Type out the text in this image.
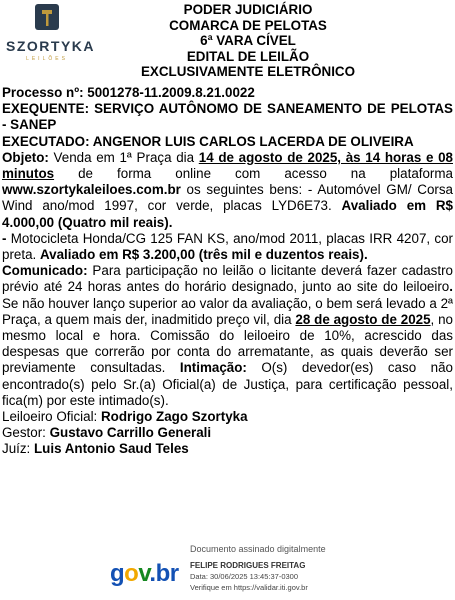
SZORTYKA
LEILÕES
PODER JUDICIÁRIO
COMARCA DE PELOTAS
6ª VARA CÍVEL
EDITAL DE LEILÃO
EXCLUSIVAMENTE ELETRÔNICO

Processo nº: 5001278-11.2009.8.21.0022

EXEQUENTE: SERVIÇO AUTÔNOMO DE SANEAMENTO DE PELOTAS - SANEP

EXECUTADO: ANGENOR LUIS CARLOS LACERDA DE OLIVEIRA

Objeto: Venda em 1ª Praça dia 14 de agosto de 2025, às 14 horas e 08 minutos de forma online com acesso na plataforma www.szortykaleiloes.com.br os seguintes bens: - Automóvel GM/ Corsa Wind ano/mod 1997, cor verde, placas LYD6E73. Avaliado em R$ 4.000,00 (Quatro mil reais).

- Motocicleta Honda/CG 125 FAN KS, ano/mod 2011, placas IRR 4207, cor preta. Avaliado em R$ 3.200,00 (três mil e duzentos reais).

Comunicado: Para participação no leilão o licitante deverá fazer cadastro prévio até 24 horas antes do horário designado, junto ao site do leiloeiro. Se não houver lanço superior ao valor da avaliação, o bem será levado a 2ª Praça, a quem mais der, inadmitido preço vil, dia 28 de agosto de 2025, no mesmo local e hora. Comissão do leiloeiro de 10%, acrescido das despesas que correrão por conta do arrematante, as quais deverão ser previamente consultadas. Intimação: O(s) devedor(es) caso não encontrado(s) pelo Sr.(a) Oficial(a) de Justiça, para certificação pessoal, fica(m) por este intimado(s).

Leiloeiro Oficial: Rodrigo Zago Szortyka

Gestor: Gustavo Carrillo Generali

Juíz: Luis Antonio Saud Teles

gov.br
Documento assinado digitalmente
FELIPE RODRIGUES FREITAG
Data: 30/06/2025 13:45:37-0300
Verifique em https://validar.iti.gov.br
